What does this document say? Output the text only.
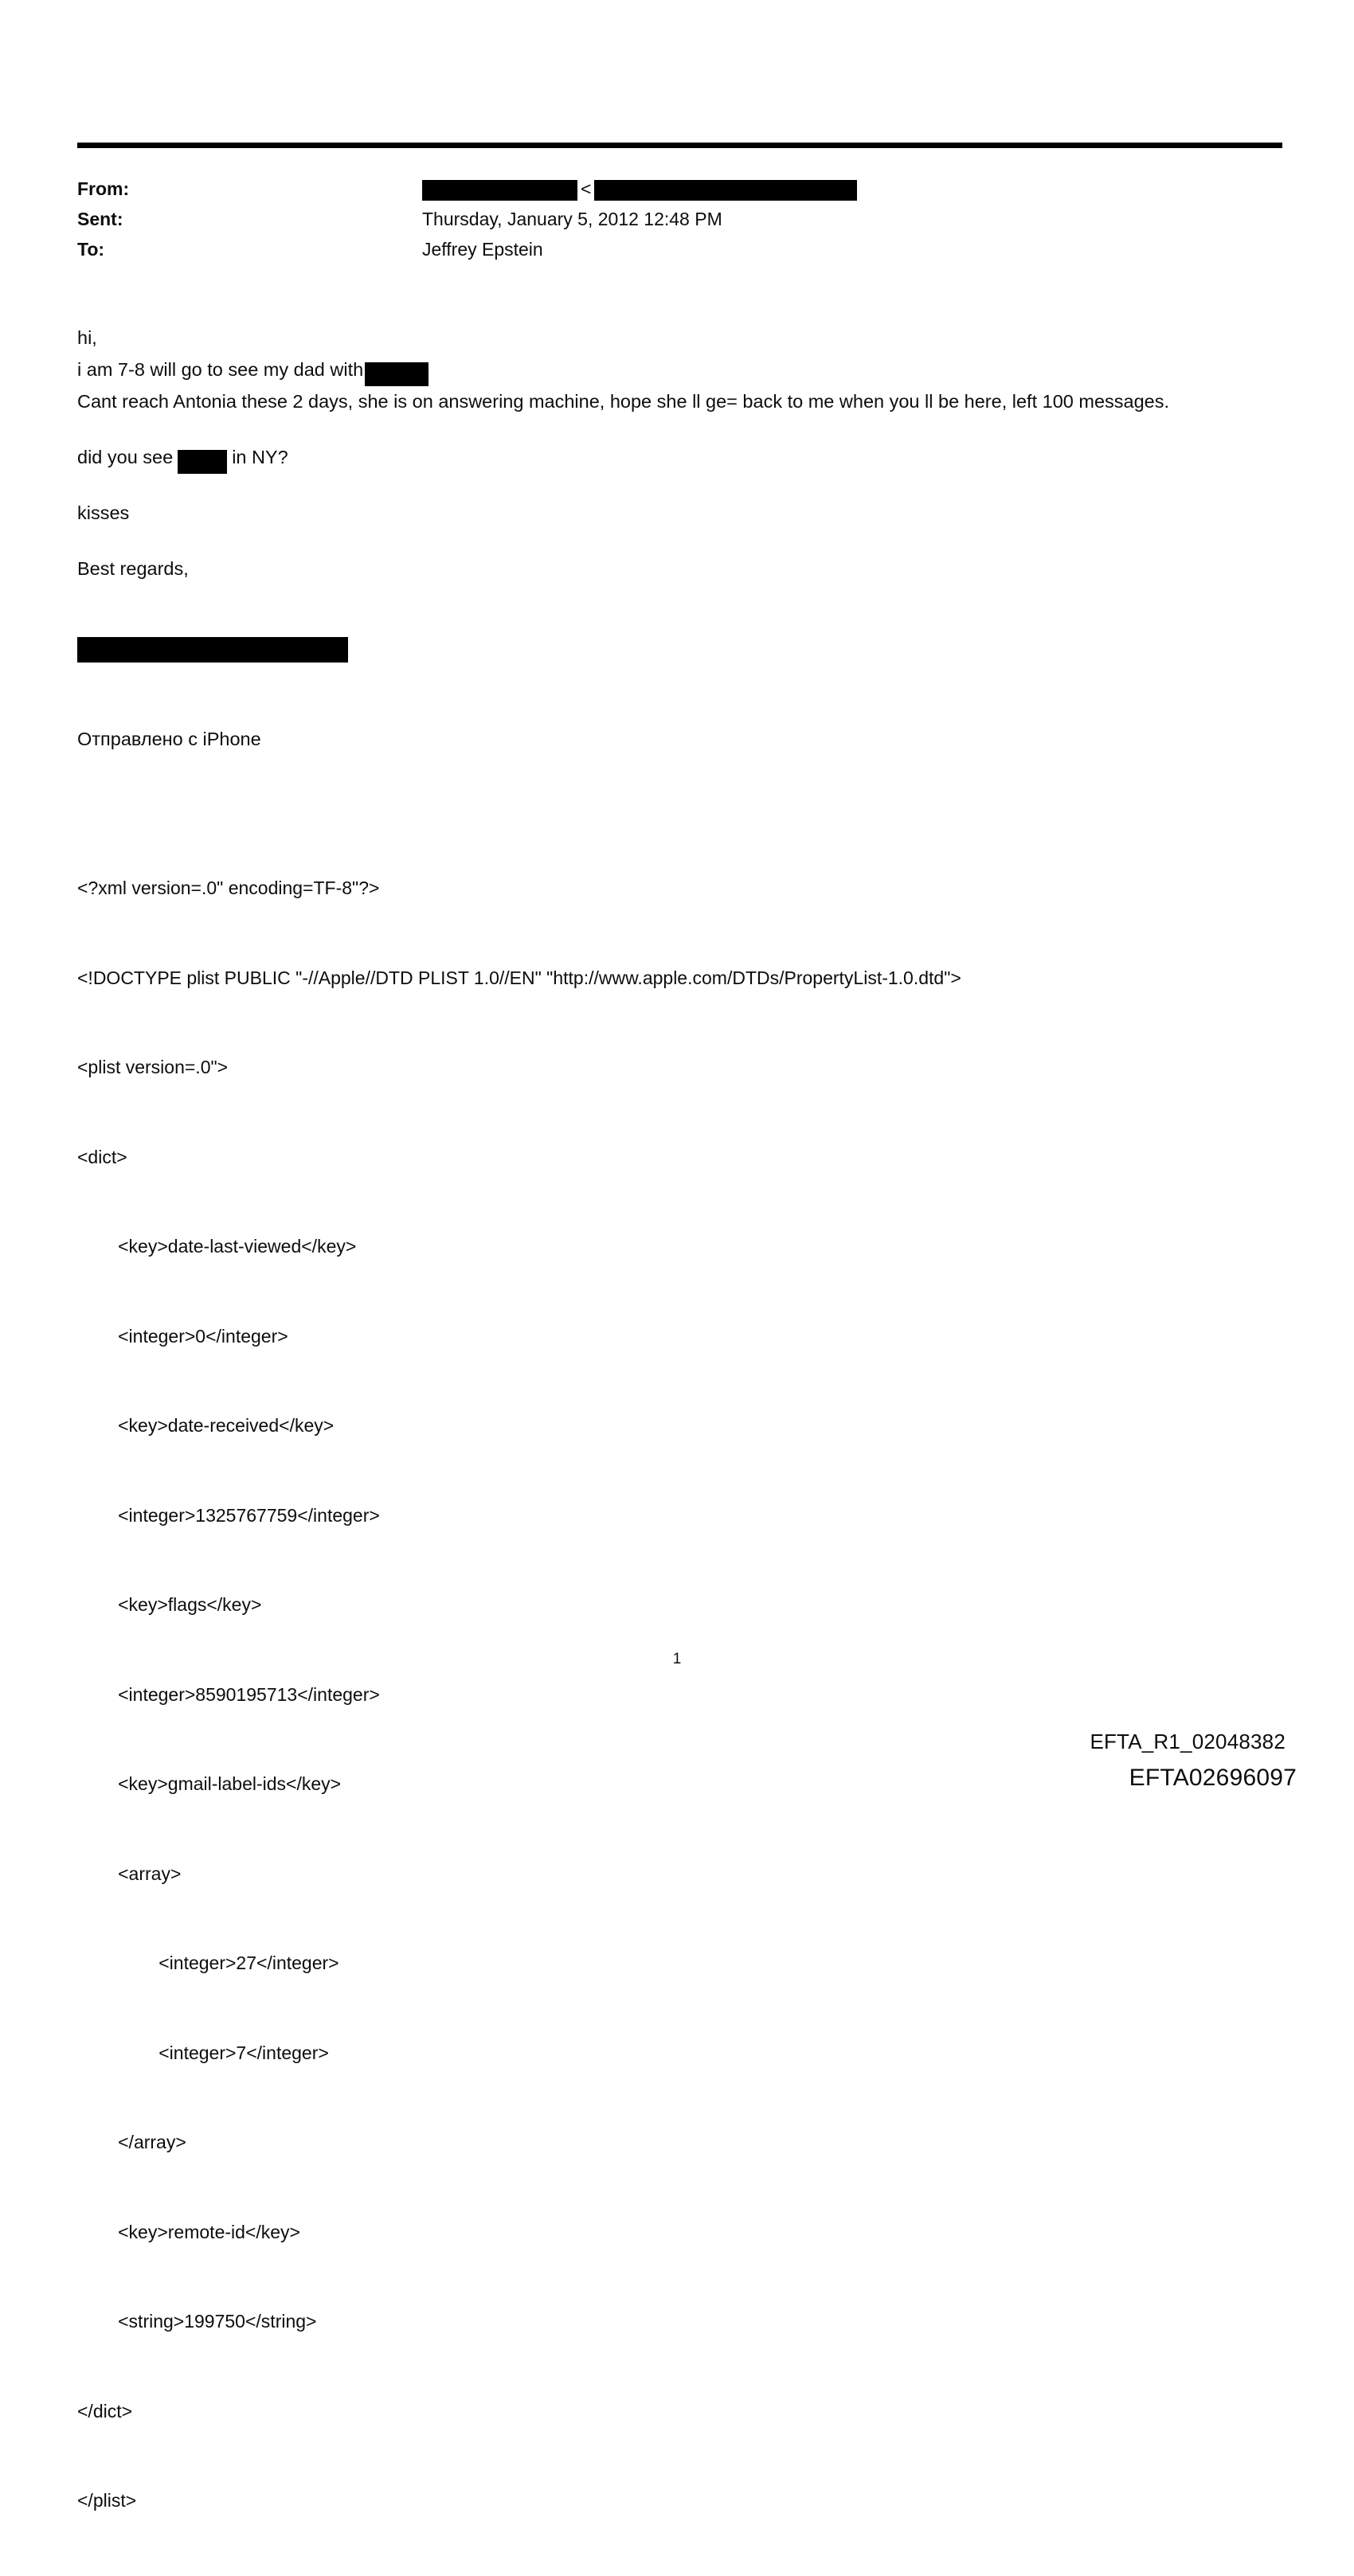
From:	<
Sent:	Thursday, January 5, 2012 12:48 PM
To:	Jeffrey Epstein

hi,

i am 7-8 will go to see my dad with

Cant reach Antonia these 2 days, she is on answering machine, hope she ll ge= back to me when you ll be here, left 100 messages.

did you see	in NY?

kisses

Best regards,

Отправлено с iPhone

<?xml version=.0" encoding=TF-8"?>

<!DOCTYPE plist PUBLIC "-//Apple//DTD PLIST 1.0//EN" "http://www.apple.com/DTDs/PropertyList-1.0.dtd">

<plist version=.0">

<dict>

<key>date-last-viewed</key>

<integer>0</integer>

<key>date-received</key>

<integer>1325767759</integer>

<key>flags</key>

<integer>8590195713</integer>

<key>gmail-label-ids</key>

<array>

<integer>27</integer>

<integer>7</integer>

</array>

<key>remote-id</key>

<string>199750</string>

</dict>

</plist>

1
EFTA_R1_02048382
EFTA02696097
